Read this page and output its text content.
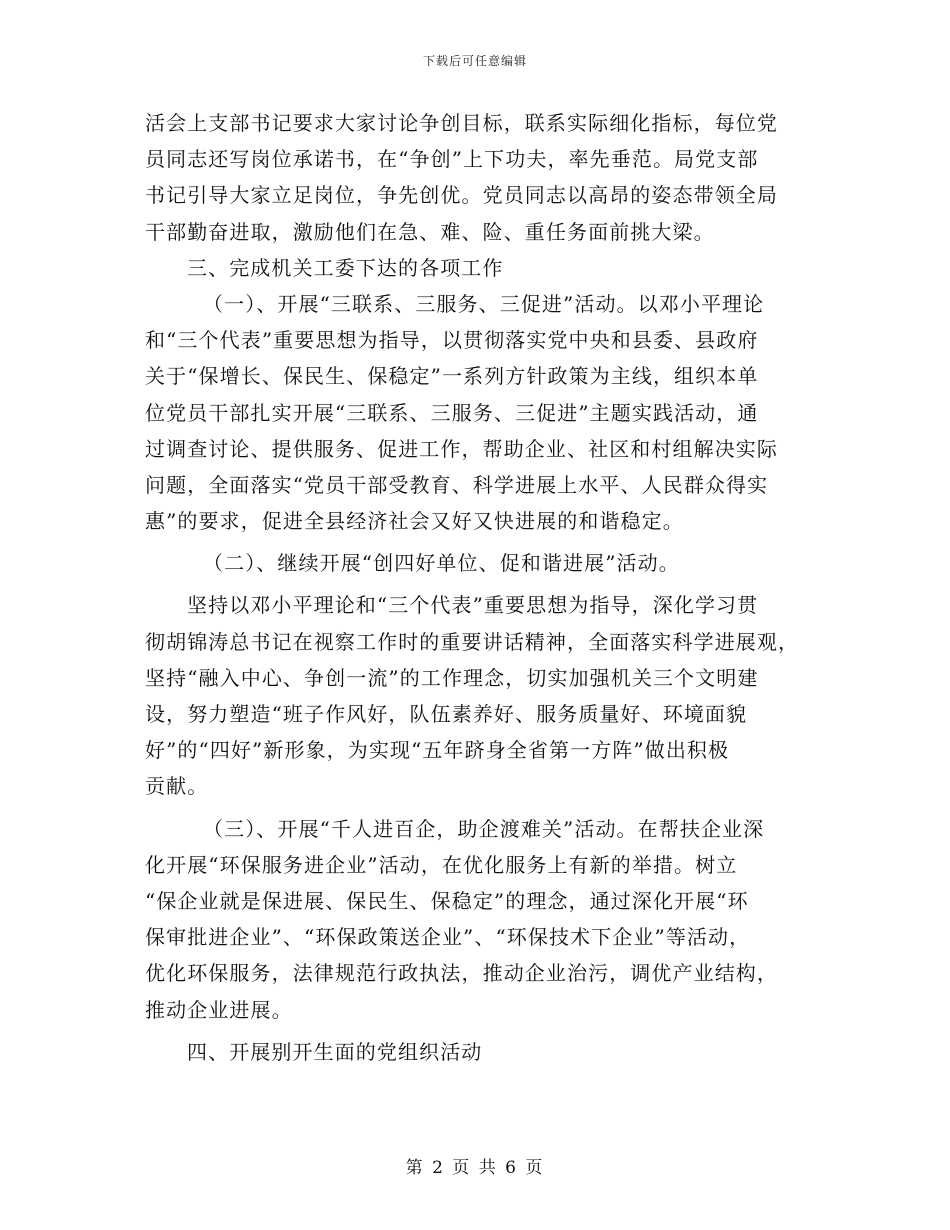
下载后可任意编辑
活会上支部书记要求大家讨论争创目标，联系实际细化指标，每位党
员同志还写岗位承诺书，在“争创”上下功夫，率先垂范。局党支部
书记引导大家立足岗位，争先创优。党员同志以高昂的姿态带领全局
干部勤奋进取，激励他们在急、难、险、重任务面前挑大梁。
三、完成机关工委下达的各项工作
（一）、开展“三联系、三服务、三促进”活动。以邓小平理论
和“三个代表”重要思想为指导，以贯彻落实党中央和县委、县政府
关于“保增长、保民生、保稳定”一系列方针政策为主线，组织本单
位党员干部扎实开展“三联系、三服务、三促进”主题实践活动，通
过调查讨论、提供服务、促进工作，帮助企业、社区和村组解决实际
问题，全面落实“党员干部受教育、科学进展上水平、人民群众得实
惠”的要求，促进全县经济社会又好又快进展的和谐稳定。
（二）、继续开展“创四好单位、促和谐进展”活动。
坚持以邓小平理论和“三个代表”重要思想为指导，深化学习贯
彻胡锦涛总书记在视察工作时的重要讲话精神，全面落实科学进展观，
坚持“融入中心、争创一流”的工作理念，切实加强机关三个文明建
设，努力塑造“班子作风好，队伍素养好、服务质量好、环境面貌
好”的“四好”新形象，为实现“五年跻身全省第一方阵”做出积极
贡献。
（三）、开展“千人进百企，助企渡难关”活动。在帮扶企业深
化开展“环保服务进企业”活动，在优化服务上有新的举措。树立
“保企业就是保进展、保民生、保稳定”的理念，通过深化开展“环
保审批进企业”、“环保政策送企业”、“环保技术下企业”等活动，
优化环保服务，法律规范行政执法，推动企业治污，调优产业结构，
推动企业进展。
四、开展别开生面的党组织活动
第 2 页 共 6 页
